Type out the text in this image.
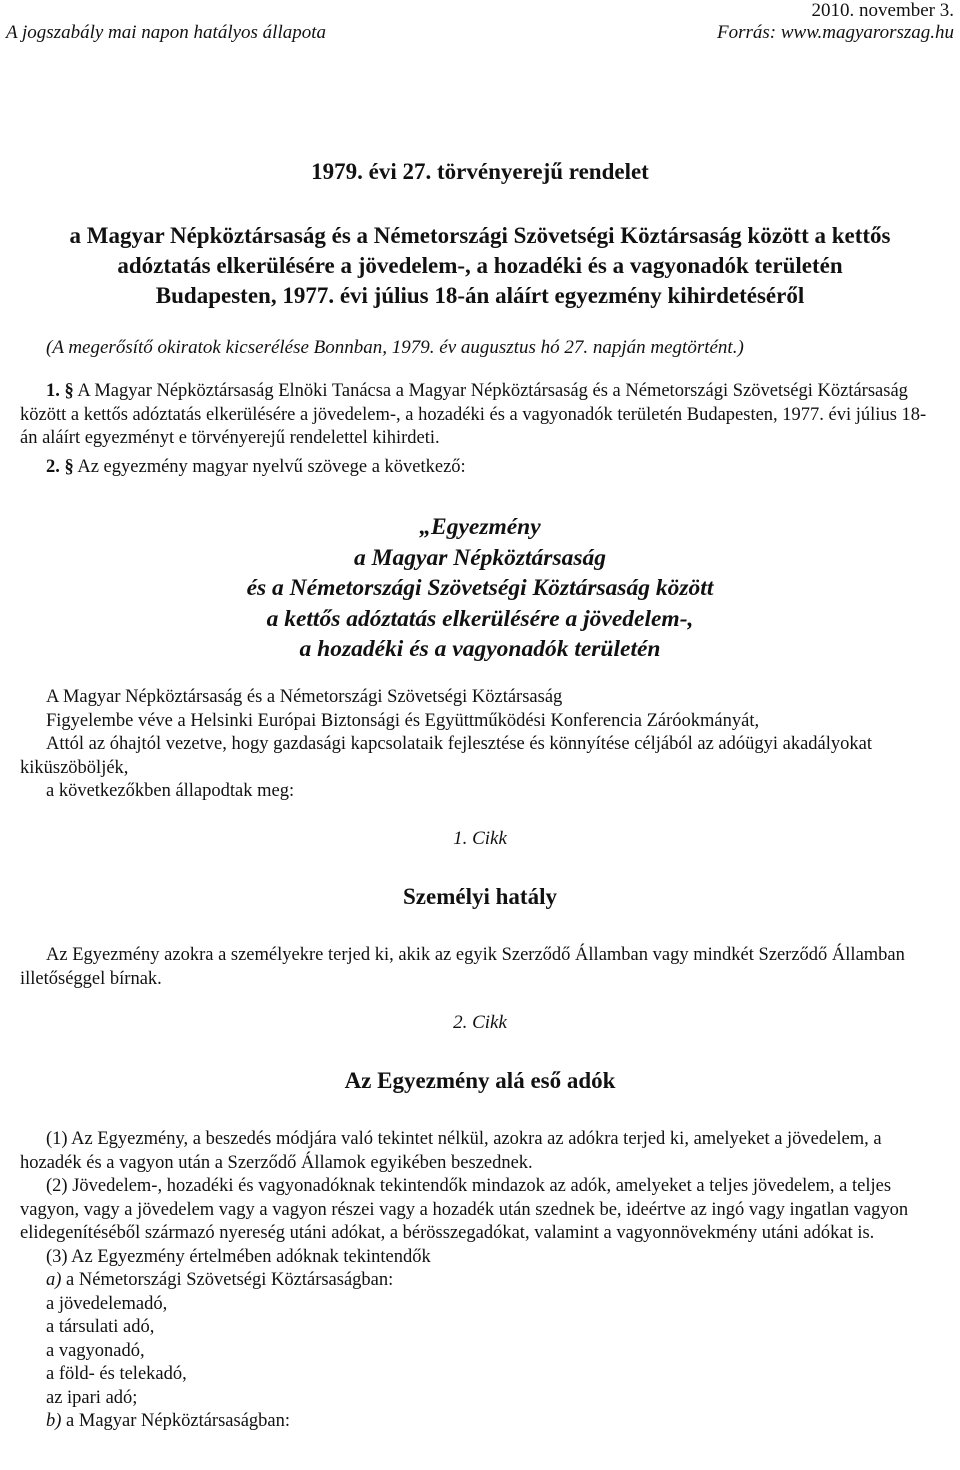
A jogszabály mai napon hatályos állapota
2010. november 3.
Forrás: www.magyarorszag.hu
1979. évi 27. törvényerejű rendelet
a Magyar Népköztársaság és a Németországi Szövetségi Köztársaság között a kettős
adóztatás elkerülésére a jövedelem-, a hozadéki és a vagyonadók területén
Budapesten, 1977. évi július 18-án aláírt egyezmény kihirdetéséről
(A megerősítő okiratok kicserélése Bonnban, 1979. év augusztus hó 27. napján megtörtént.)
1. § A Magyar Népköztársaság Elnöki Tanácsa a Magyar Népköztársaság és a Németországi Szövetségi Köztársaság között a kettős adóztatás elkerülésére a jövedelem-, a hozadéki és a vagyonadók területén Budapesten, 1977. évi július 18-án aláírt egyezményt e törvényerejű rendelettel kihirdeti.
2. § Az egyezmény magyar nyelvű szövege a következő:

„Egyezmény

a Magyar Népköztársaság

és a Németországi Szövetségi Köztársaság között

a kettős adóztatás elkerülésére a jövedelem-,

a hozadéki és a vagyonadók területén

A Magyar Népköztársaság és a Németországi Szövetségi Köztársaság

Figyelembe véve a Helsinki Európai Biztonsági és Együttműködési Konferencia Záróokmányát,

Attól az óhajtól vezetve, hogy gazdasági kapcsolataik fejlesztése és könnyítése céljából az adóügyi akadályokat kiküszöböljék,

a következőkben állapodtak meg:

1. Cikk
Személyi hatály
Az Egyezmény azokra a személyekre terjed ki, akik az egyik Szerződő Államban vagy mindkét Szerződő Államban illetőséggel bírnak.
2. Cikk
Az Egyezmény alá eső adók

(1) Az Egyezmény, a beszedés módjára való tekintet nélkül, azokra az adókra terjed ki, amelyeket a jövedelem, a hozadék és a vagyon után a Szerződő Államok egyikében beszednek.

(2) Jövedelem-, hozadéki és vagyonadóknak tekintendők mindazok az adók, amelyeket a teljes jövedelem, a teljes vagyon, vagy a jövedelem vagy a vagyon részei vagy a hozadék után szednek be, ideértve az ingó vagy ingatlan vagyon elidegenítéséből származó nyereség utáni adókat, a bérösszegadókat, valamint a vagyonnövekmény utáni adókat is.

(3) Az Egyezmény értelmében adóknak tekintendők

a) a Németországi Szövetségi Köztársaságban:

a jövedelemadó,

a társulati adó,

a vagyonadó,

a föld- és telekadó,

az ipari adó;

b) a Magyar Népköztársaságban:
